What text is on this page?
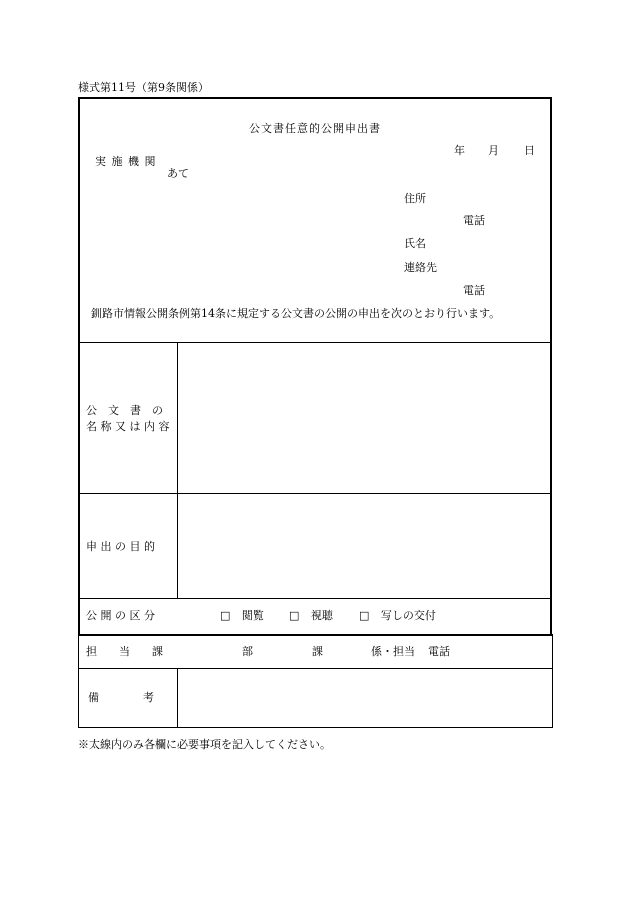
様式第11号（第9条関係）
公文書任意的公開申出書
年 月 日
実 施 機 関
あて
住所
電話
氏名
連絡先
電話
釧路市情報公開条例第14条に規定する公文書の公開の申出を次のとおり行います。
公　文　書　の
名 称 又 は 内 容
申 出 の 目 的
公 開 の 区 分	□ 閲覧 □ 視聴 □ 写しの交付
担　　当　　課	部	課	係・担当 電話
備　　　　考
※太線内のみ各欄に必要事項を記入してください。
